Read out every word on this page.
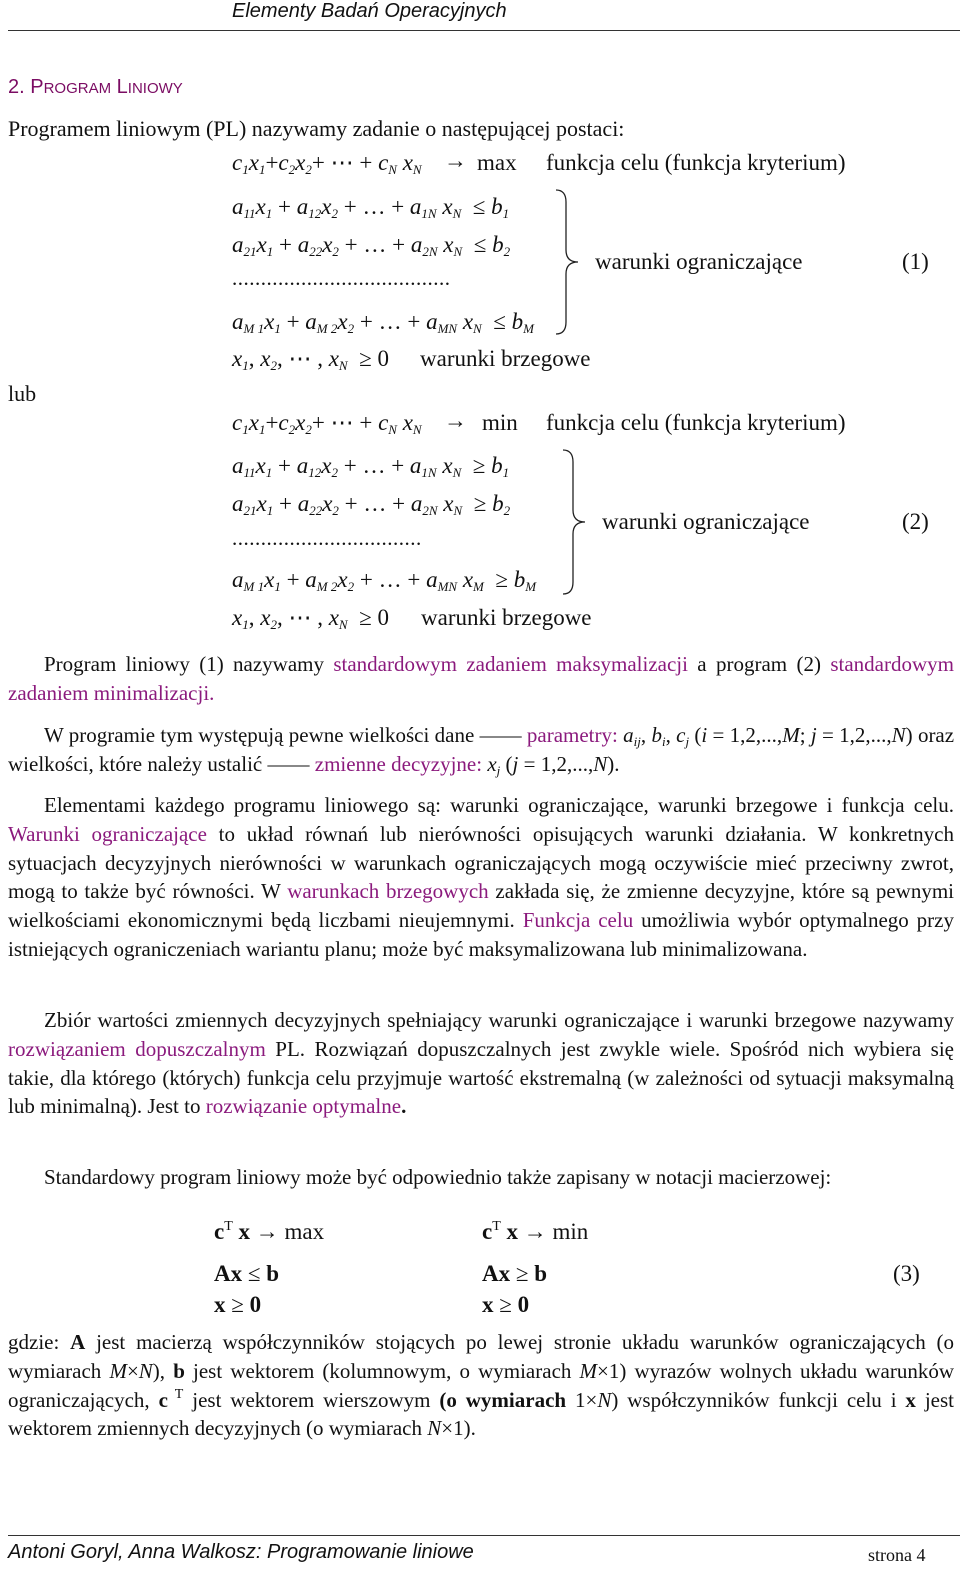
Elementy Badań Operacyjnych
2. PROGRAM LINIOWY
Programem liniowym (PL) nazywamy zadanie o następującej postaci:
$c_1x_1+c_2x_2+$ ⋯ + $c_N$ $x_N \to \max$ funkcja celu (funkcja kryterium)
$a_{11}x_1 + a_{12}x_2$ + … + $a_{1N}$ $x_N \le b_1$
$a_{21}x_1 + a_{22}x_2$ + … + $a_{2N}$ $x_N \le b_2$
......................................
$a_{M 1}x_1 + a_{M 2}x_2$ + … + $a_{MN}$ $x_N \le b_M$
warunki ograniczające	(1)
$x_1$, $x_2$, ⋯ , $x_N \ge 0$ warunki brzegowe
lub
$c_1x_1+c_2x_2+$ ⋯ + $c_N$ $x_N \to \min$ funkcja celu (funkcja kryterium)
$a_{11}x_1 + a_{12}x_2$ + … + $a_{1N}$ $x_N \ge b_1$
$a_{21}x_1 + a_{22}x_2$ + … + $a_{2N}$ $x_N \ge b_2$
.................................
$a_{M 1}x_1 + a_{M 2}x_2$ + … + $a_{MN}$ $x_M \ge b_M$
warunki ograniczające	(2)
$x_1$, $x_2$, ⋯ , $x_N \ge 0$ warunki brzegowe

Program liniowy (1) nazywamy standardowym zadaniem maksymalizacji a program (2) standardowym zadaniem minimalizacji.

W programie tym występują pewne wielkości dane —— parametry: $a_{ij}$, $b_i$, $c_j$ (i = 1,2,...,M; j = 1,2,...,N) oraz wielkości, które należy ustalić —— zmienne decyzyjne: $x_j$ (j = 1,2,...,N).

Elementami każdego programu liniowego są: warunki ograniczające, warunki brzegowe i funkcja celu. Warunki ograniczające to układ równań lub nierówności opisujących warunki działania. W konkretnych sytuacjach decyzyjnych nierówności w warunkach ograniczających mogą oczywiście mieć przeciwny zwrot, mogą to także być równości. W warunkach brzegowych zakłada się, że zmienne decyzyjne, które są pewnymi wielkościami ekonomicznymi będą liczbami nieujemnymi. Funkcja celu umożliwia wybór optymalnego przy istniejących ograniczeniach wariantu planu; może być maksymalizowana lub minimalizowana.

Zbiór wartości zmiennych decyzyjnych spełniający warunki ograniczające i warunki brzegowe nazywamy rozwiązaniem dopuszczalnym PL. Rozwiązań dopuszczalnych jest zwykle wiele. Spośród nich wybiera się takie, dla którego (których) funkcja celu przyjmuje wartość ekstremalną (w zależności od sytuacji maksymalną lub minimalną). Jest to rozwiązanie optymalne.

Standardowy program liniowy może być odpowiednio także zapisany w notacji macierzowej:

$c^T$ x → max	$c^T$ x → min
Ax ≤ b	Ax ≥ b	(3)
x ≥ 0	x ≥ 0

gdzie: A jest macierzą współczynników stojących po lewej stronie układu warunków ograniczających (o wymiarach M×N), b jest wektorem (kolumnowym, o wymiarach M×1) wyrazów wolnych układu warunków ograniczających, c $^T$ jest wektorem wierszowym (o wymiarach 1×N) współczynników funkcji celu i x jest wektorem zmiennych decyzyjnych (o wymiarach N×1).

Antoni Goryl, Anna Walkosz: Programowanie liniowe	strona 4
